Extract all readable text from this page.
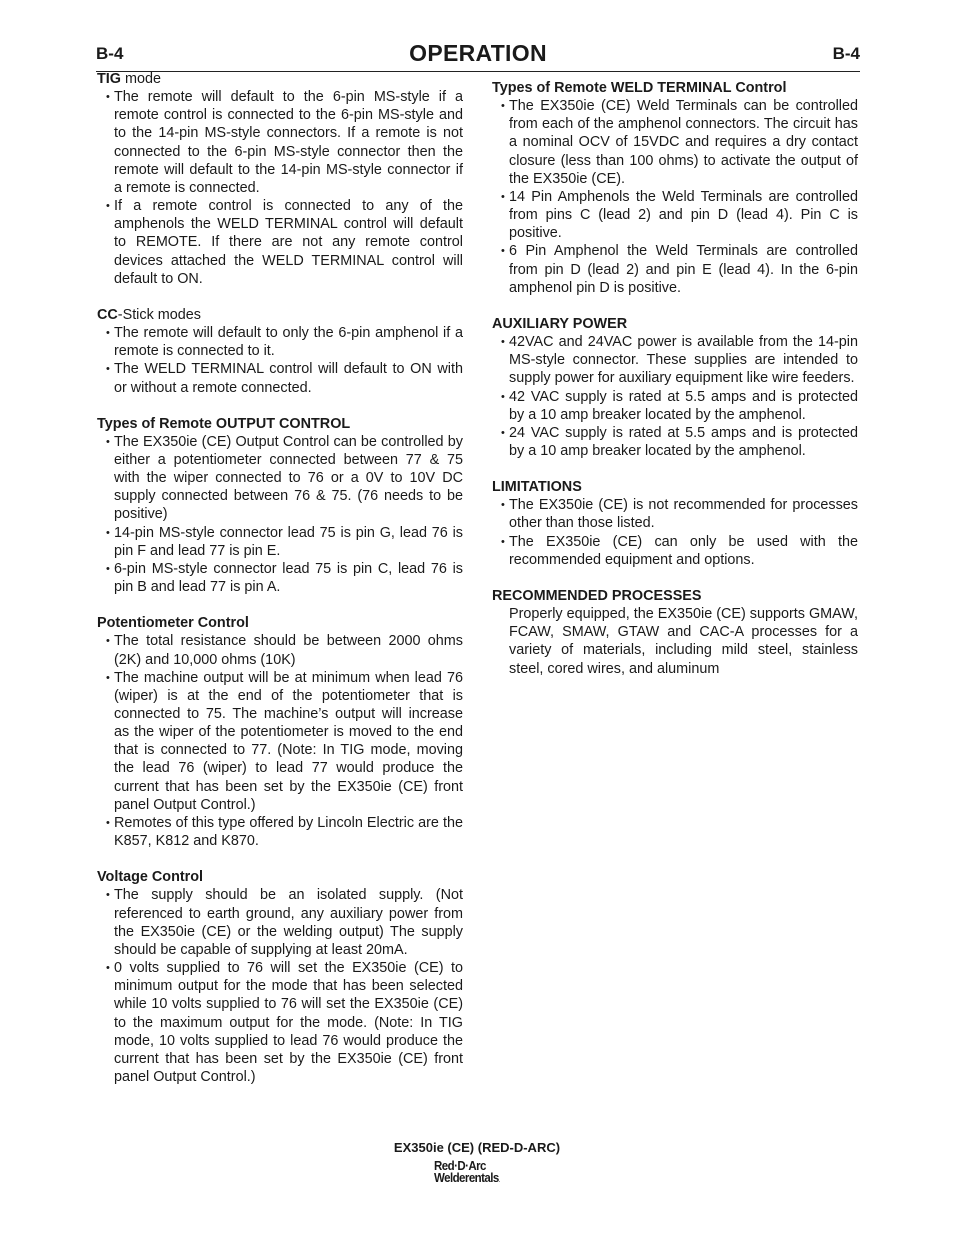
B-4	OPERATION	B-4
TIG mode
• The remote will default to the 6-pin MS-style if a remote control is connected to the 6-pin MS-style and to the 14-pin MS-style connectors. If a remote is not connected to the 6-pin MS-style connector then the remote will default to the 14-pin MS-style connector if a remote is connected.
• If a remote control is connected to any of the amphenols the WELD TERMINAL control will default to REMOTE. If there are not any remote control devices attached the WELD TERMINAL control will default to ON.
CC-Stick modes
• The remote will default to only the 6-pin amphenol if a remote is connected to it.
• The WELD TERMINAL control will default to ON with or without a remote connected.
Types of Remote OUTPUT CONTROL
• The EX350ie (CE) Output Control can be controlled by either a potentiometer connected between 77 & 75 with the wiper connected to 76 or a 0V to 10V DC supply connected between 76 & 75. (76 needs to be positive)
• 14-pin MS-style connector lead 75 is pin G, lead 76 is pin F and lead 77 is pin E.
• 6-pin MS-style connector lead 75 is pin C, lead 76 is pin B and lead 77 is pin A.
Potentiometer Control
• The total resistance should be between 2000 ohms (2K) and 10,000 ohms (10K)
• The machine output will be at minimum when lead 76 (wiper) is at the end of the potentiometer that is connected to 75. The machine’s output will increase as the wiper of the potentiometer is moved to the end that is connected to 77. (Note: In TIG mode, moving the lead 76 (wiper) to lead 77 would produce the current that has been set by the EX350ie (CE) front panel Output Control.)
• Remotes of this type offered by Lincoln Electric are the K857, K812 and K870.
Voltage Control
• The supply should be an isolated supply. (Not referenced to earth ground, any auxiliary power from the EX350ie (CE) or the welding output) The supply should be capable of supplying at least 20mA.
• 0 volts supplied to 76 will set the EX350ie (CE) to minimum output for the mode that has been selected while 10 volts supplied to 76 will set the EX350ie (CE) to the maximum output for the mode. (Note: In TIG mode, 10 volts supplied to lead 76 would produce the current that has been set by the EX350ie (CE) front panel Output Control.)
Types of Remote WELD TERMINAL Control
• The EX350ie (CE) Weld Terminals can be controlled from each of the amphenol connectors. The circuit has a nominal OCV of 15VDC and requires a dry contact closure (less than 100 ohms) to activate the output of the EX350ie (CE).
• 14 Pin Amphenols the Weld Terminals are controlled from pins C (lead 2) and pin D (lead 4). Pin C is positive.
• 6 Pin Amphenol the Weld Terminals are controlled from pin D (lead 2) and pin E (lead 4). In the 6-pin amphenol pin D is positive.
AUXILIARY POWER
• 42VAC and 24VAC power is available from the 14-pin MS-style connector. These supplies are intended to supply power for auxiliary equipment like wire feeders.
• 42 VAC supply is rated at 5.5 amps and is protected by a 10 amp breaker located by the amphenol.
• 24 VAC supply is rated at 5.5 amps and is protected by a 10 amp breaker located by the amphenol.
LIMITATIONS
• The EX350ie (CE) is not recommended for processes other than those listed.
• The EX350ie (CE) can only be used with the recommended equipment and options.
RECOMMENDED PROCESSES
Properly equipped, the EX350ie (CE) supports GMAW, FCAW, SMAW, GTAW and CAC-A processes for a variety of materials, including mild steel, stainless steel, cored wires, and aluminum
EX350ie (CE) (RED-D-ARC)
Red·D·Arc
Welderentals.
